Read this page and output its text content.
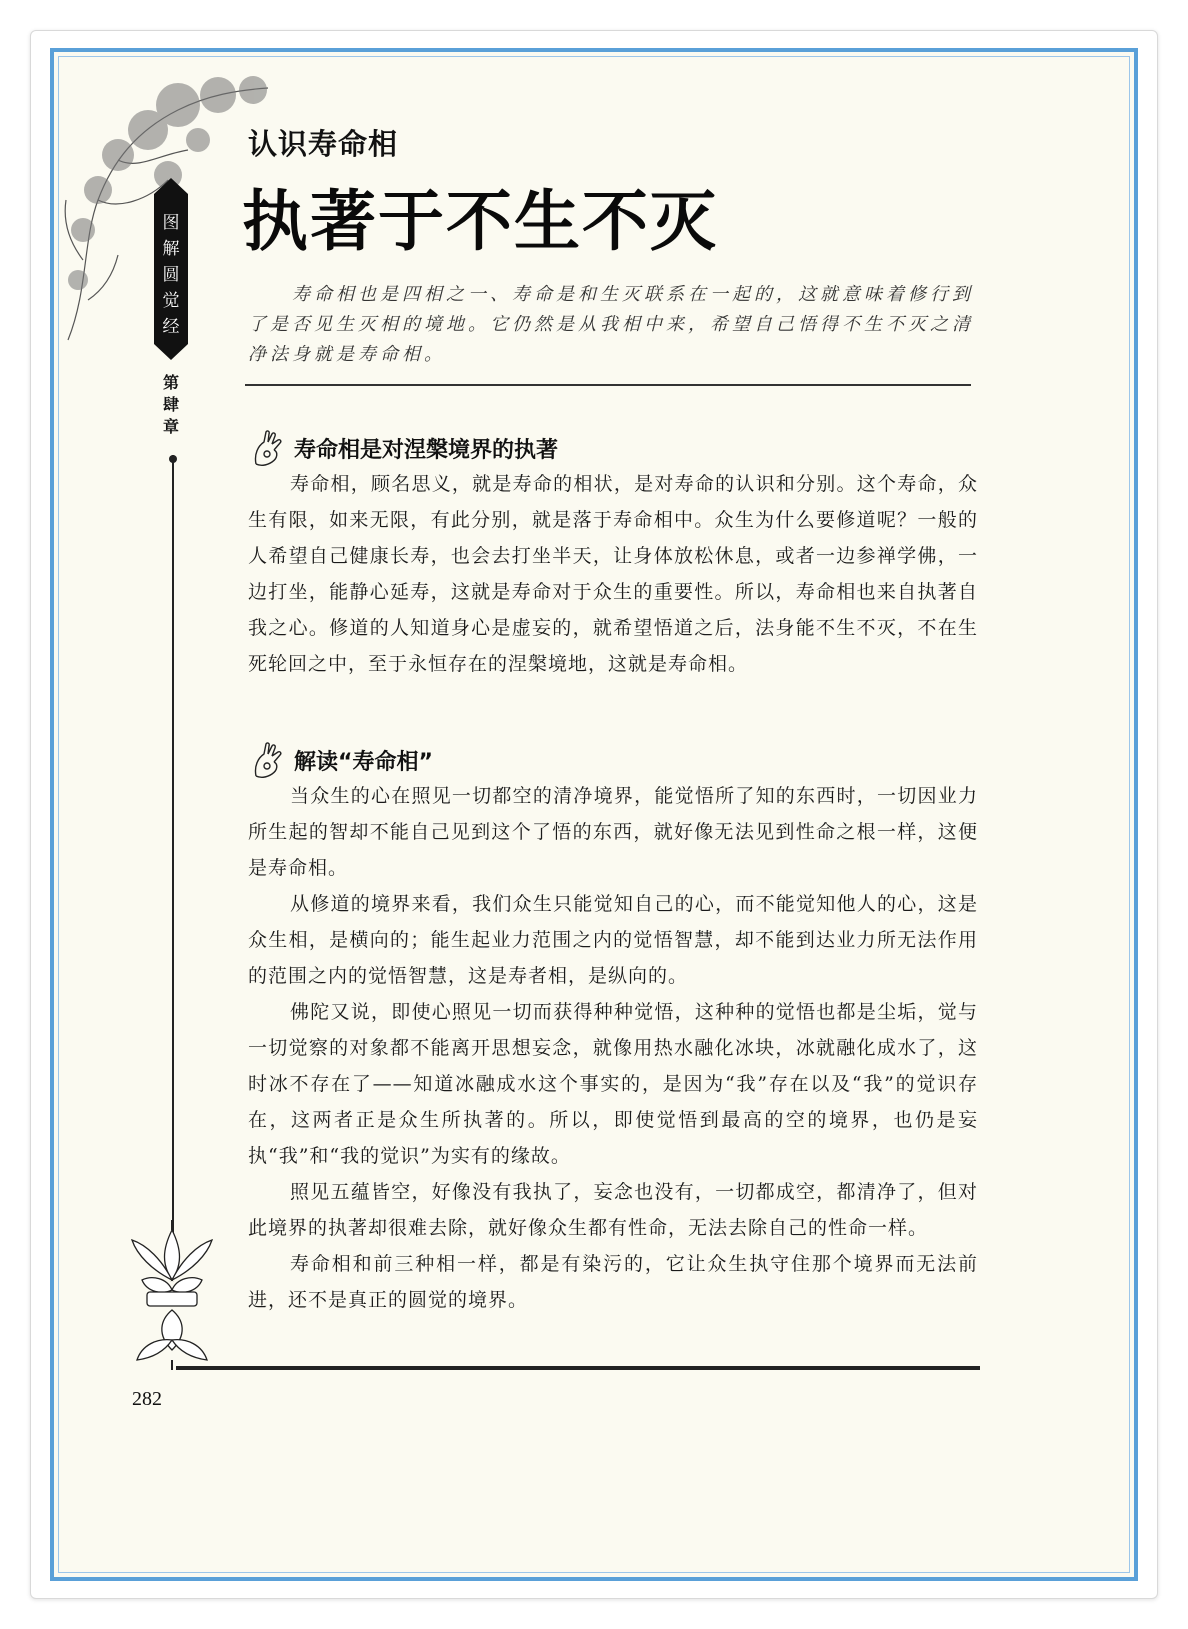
图
解
圆
觉
经
第
肆
章
认识寿命相
执著于不生不灭
寿命相也是四相之一、寿命是和生灭联系在一起的，这就意味着修行到了是否见生灭相的境地。它仍然是从我相中来，希望自己悟得不生不灭之清净法身就是寿命相。
寿命相是对涅槃境界的执著

寿命相，顾名思义，就是寿命的相状，是对寿命的认识和分别。这个寿命，众生有限，如来无限，有此分别，就是落于寿命相中。众生为什么要修道呢？一般的人希望自己健康长寿，也会去打坐半天，让身体放松休息，或者一边参禅学佛，一边打坐，能静心延寿，这就是寿命对于众生的重要性。所以，寿命相也来自执著自我之心。修道的人知道身心是虚妄的，就希望悟道之后，法身能不生不灭，不在生死轮回之中，至于永恒存在的涅槃境地，这就是寿命相。

解读“寿命相”

当众生的心在照见一切都空的清净境界，能觉悟所了知的东西时，一切因业力所生起的智却不能自己见到这个了悟的东西，就好像无法见到性命之根一样，这便是寿命相。

从修道的境界来看，我们众生只能觉知自己的心，而不能觉知他人的心，这是众生相，是横向的；能生起业力范围之内的觉悟智慧，却不能到达业力所无法作用的范围之内的觉悟智慧，这是寿者相，是纵向的。

佛陀又说，即使心照见一切而获得种种觉悟，这种种的觉悟也都是尘垢，觉与一切觉察的对象都不能离开思想妄念，就像用热水融化冰块，冰就融化成水了，这时冰不存在了——知道冰融成水这个事实的，是因为“我”存在以及“我”的觉识存在，这两者正是众生所执著的。所以，即使觉悟到最高的空的境界，也仍是妄执“我”和“我的觉识”为实有的缘故。

照见五蕴皆空，好像没有我执了，妄念也没有，一切都成空，都清净了，但对此境界的执著却很难去除，就好像众生都有性命，无法去除自己的性命一样。

寿命相和前三种相一样，都是有染污的，它让众生执守住那个境界而无法前进，还不是真正的圆觉的境界。

282
